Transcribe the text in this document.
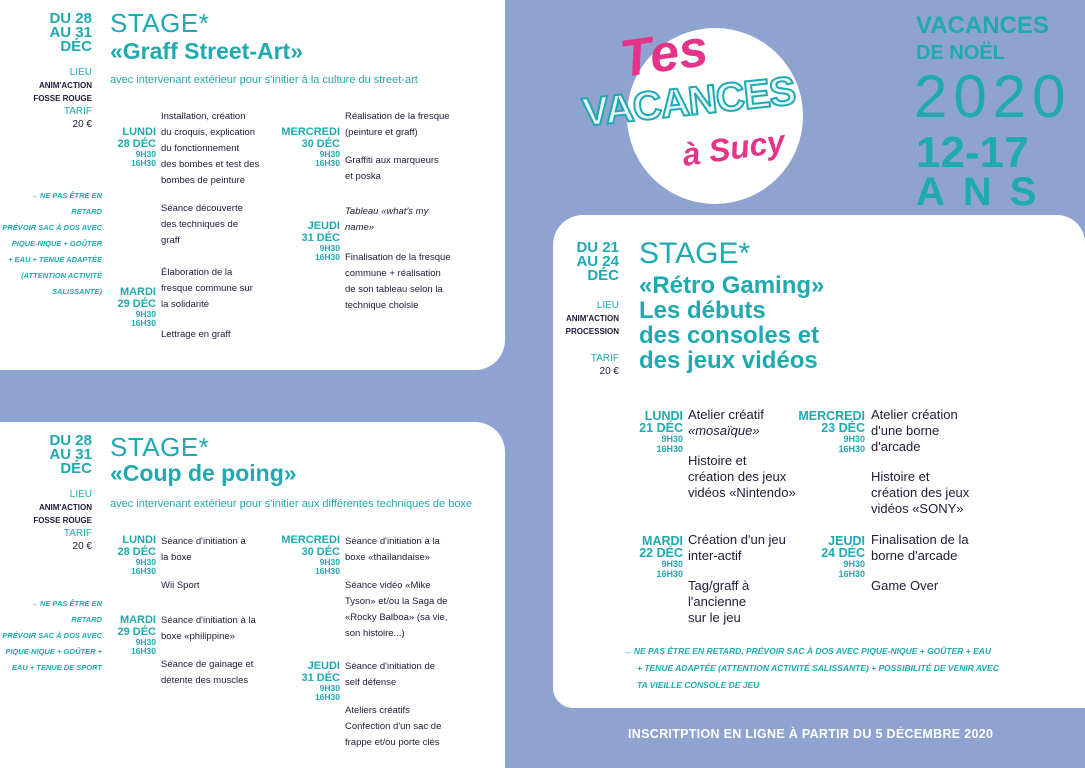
DU 28
AU 31
DÉC
LIEU
ANIM'ACTION
FOSSE ROUGE
TARIF
20 €
STAGE*
«Graff Street-Art»
avec intervenant extérieur pour s'initier à la culture du street-art
→ NE PAS ÊTRE EN RETARD
PRÉVOIR SAC À DOS AVEC
PIQUE-NIQUE + GOÛTER
+ EAU + TENUE ADAPTÉE
(ATTENTION ACTIVITÉ
SALISSANTE)
LUNDI
28 DÉC
9H30
16H30
Installation, création
du croquis, explication
du fonctionnement
des bombes et test des
bombes de peinture
Séance découverte
des techniques de
graff
MARDI
29 DÉC
9H30
16H30
Élaboration de la
fresque commune sur
la solidarité
Lettrage en graff
MERCREDI
30 DÉC
9H30
16H30
Réalisation de la fresque
(peinture et graff)
Graffiti aux marqueurs
et poska
JEUDI
31 DÉC
9H30
16H30
Tableau «what's my
name»
Finalisation de la fresque
commune + réalisation
de son tableau selon la
technique choisie
DU 28
AU 31
DÉC
LIEU
ANIM'ACTION
FOSSE ROUGE
TARIF
20 €
STAGE*
«Coup de poing»
avec intervenant extérieur pour s'initier aux différentes techniques de boxe
→ NE PAS ÊTRE EN RETARD
PRÉVOIR SAC À DOS AVEC
PIQUE-NIQUE + GOÛTER +
EAU + TENUE DE SPORT
LUNDI
28 DÉC
9H30
16H30
Séance d'initiation à
la boxe
Wii Sport
MARDI
29 DÉC
9H30
16H30
Séance d'initiation à la
boxe «philippine»
Séance de gainage et
détente des muscles
MERCREDI
30 DÉC
9H30
16H30
Séance d'initiation à la
boxe «thaïlandaise»
Séance vidéo «Mike
Tyson» et/ou la Saga de
«Rocky Balboa» (sa vie,
son histoire...)
JEUDI
31 DÉC
9H30
16H30
Séance d'initiation de
self défense
Ateliers créatifs
Confection d'un sac de
frappe et/ou porte clés
Tes
VACANCES
à Sucy
VACANCES
DE NOËL
2020
12-17
ANS
DU 21
AU 24
DÉC
LIEU
ANIM'ACTION
PROCESSION
TARIF
20 €
STAGE*
«Rétro Gaming»
Les débuts
des consoles et
des jeux vidéos
LUNDI
21 DÉC
9H30
16H30
Atelier créatif
«mosaïque»
Histoire et
création des jeux
vidéos «Nintendo»
MARDI
22 DÉC
9H30
16H30
Création d'un jeu
inter-actif
Tag/graff à
l'ancienne
sur le jeu
MERCREDI
23 DÉC
9H30
16H30
Atelier création
d'une borne
d'arcade
Histoire et
création des jeux
vidéos «SONY»
JEUDI
24 DÉC
9H30
16H30
Finalisation de la
borne d'arcade
Game Over
→ NE PAS ÊTRE EN RETARD, PRÉVOIR SAC À DOS AVEC PIQUE-NIQUE + GOÛTER + EAU
+ TENUE ADAPTÉE (ATTENTION ACTIVITÉ SALISSANTE) + POSSIBILITÉ DE VENIR AVEC
TA VIEILLE CONSOLE DE JEU
INSCRITPTION EN LIGNE À PARTIR DU 5 DÉCEMBRE 2020
